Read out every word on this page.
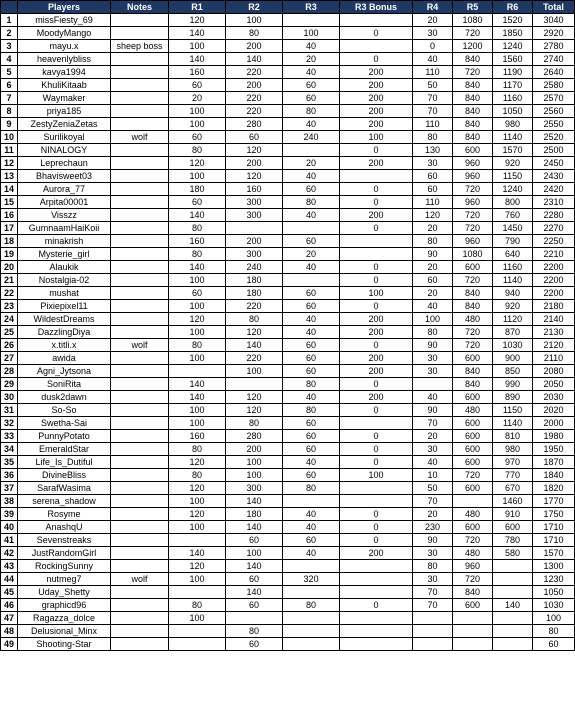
	Players	Notes	R1	R2	R3	R3 Bonus	R4	R5	R6	Total
1	missFiesty_69		120	100			20	1080	1520	3040
2	MoodyMango		140	80	100	0	30	720	1850	2920
3	mayu.x	sheep boss	100	200	40		0	1200	1240	2780
4	heavenlybliss		140	140	20	0	40	840	1560	2740
5	kavya1994		160	220	40	200	110	720	1190	2640
6	KhuliKitaab		60	200	60	200	50	840	1170	2580
7	Waymaker		20	220	60	200	70	840	1160	2570
8	priya185		100	220	80	200	70	840	1050	2560
9	ZestyZeniaZetas		100	280	40	200	110	840	980	2550
10	Surilikoyal	wolf	60	60	240	100	80	840	1140	2520
11	NINALOGY		80	120		0	130	600	1570	2500
12	Leprechaun		120	200	20	200	30	960	920	2450
13	Bhavisweet03		100	120	40		60	960	1150	2430
14	Aurora_77		180	160	60	0	60	720	1240	2420
15	Arpita00001		60	300	80	0	110	960	800	2310
16	Visszz		140	300	40	200	120	720	760	2280
17	GumnaamHaiKoii		80			0	20	720	1450	2270
18	minakrish		160	200	60		80	960	790	2250
19	Mysterie_girl		80	300	20		90	1080	640	2210
20	Alaukik		140	240	40	0	20	600	1160	2200
21	Nostalgia-02		100	180		0	60	720	1140	2200
22	mushat		60	180	60	100	20	840	940	2200
23	Pixiepixel11		100	220	60	0	40	840	920	2180
24	WildestDreams		120	80	40	200	100	480	1120	2140
25	DazzlingDiya		100	120	40	200	80	720	870	2130
26	x.titli.x	wolf	80	140	60	0	90	720	1030	2120
27	awida		100	220	60	200	30	600	900	2110
28	Agni_Jytsona			100	60	200	30	840	850	2080
29	SoniRita		140		80	0		840	990	2050
30	dusk2dawn		140	120	40	200	40	600	890	2030
31	So-So		100	120	80	0	90	480	1150	2020
32	Swetha-Sai		100	80	60		70	600	1140	2000
33	PunnyPotato		160	280	60	0	20	600	810	1980
34	EmeraldStar		80	200	60	0	30	600	980	1950
35	Life_Is_Dutiful		120	100	40	0	40	600	970	1870
36	DivineBliss		80	100	60	100	10	720	770	1840
37	SarafWasima		120	300	80		50	600	670	1820
38	serena_shadow		100	140			70		1460	1770
39	Rosyme		120	180	40	0	20	480	910	1750
40	AnashqU		100	140	40	0	230	600	600	1710
41	Sevenstreaks			60	60	0	90	720	780	1710
42	JustRandomGirl		140	100	40	200	30	480	580	1570
43	RockingSunny		120	140			80	960		1300
44	nutmeg7	wolf	100	60	320		30	720		1230
45	Uday_Shetty			140			70	840		1050
46	graphicd96		80	60	80	0	70	600	140	1030
47	Ragazza_dolce		100							100
48	Delusional_Minx			80						80
49	Shooting-Star			60						60
